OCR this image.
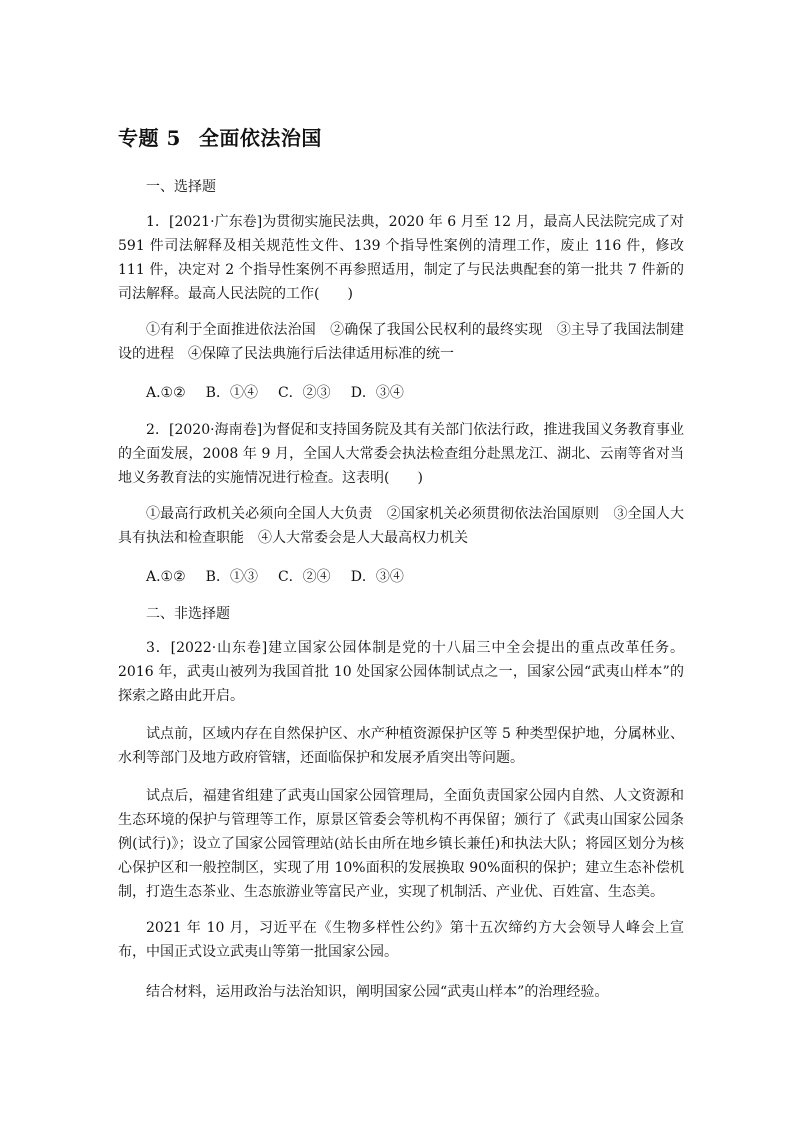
专题 5 全面依法治国
一、选择题
1．[2021·广东卷]为贯彻实施民法典，2020 年 6 月至 12 月，最高人民法院完成了对 591 件司法解释及相关规范性文件、139 个指导性案例的清理工作，废止 116 件，修改 111 件，决定对 2 个指导性案例不再参照适用，制定了与民法典配套的第一批共 7 件新的司法解释。最高人民法院的工作(　　)
①有利于全面推进依法治国　②确保了我国公民权利的最终实现　③主导了我国法制建设的进程　④保障了民法典施行后法律适用标准的统一
A.①② B．①④ C．②③ D．③④
2．[2020·海南卷]为督促和支持国务院及其有关部门依法行政，推进我国义务教育事业的全面发展，2008 年 9 月，全国人大常委会执法检查组分赴黑龙江、湖北、云南等省对当地义务教育法的实施情况进行检查。这表明(　　)
①最高行政机关必须向全国人大负责　②国家机关必须贯彻依法治国原则　③全国人大具有执法和检查职能　④人大常委会是人大最高权力机关
A.①② B．①③ C．②④ D．③④
二、非选择题
3．[2022·山东卷]建立国家公园体制是党的十八届三中全会提出的重点改革任务。2016 年，武夷山被列为我国首批 10 处国家公园体制试点之一，国家公园“武夷山样本”的探索之路由此开启。
试点前，区域内存在自然保护区、水产种植资源保护区等 5 种类型保护地，分属林业、水利等部门及地方政府管辖，还面临保护和发展矛盾突出等问题。
试点后，福建省组建了武夷山国家公园管理局，全面负责国家公园内自然、人文资源和生态环境的保护与管理等工作，原景区管委会等机构不再保留；颁行了《武夷山国家公园条例(试行)》；设立了国家公园管理站(站长由所在地乡镇长兼任)和执法大队；将园区划分为核心保护区和一般控制区，实现了用 10%面积的发展换取 90%面积的保护；建立生态补偿机制，打造生态茶业、生态旅游业等富民产业，实现了机制活、产业优、百姓富、生态美。
2021 年 10 月，习近平在《生物多样性公约》第十五次缔约方大会领导人峰会上宣布，中国正式设立武夷山等第一批国家公园。
结合材料，运用政治与法治知识，阐明国家公园“武夷山样本”的治理经验。
